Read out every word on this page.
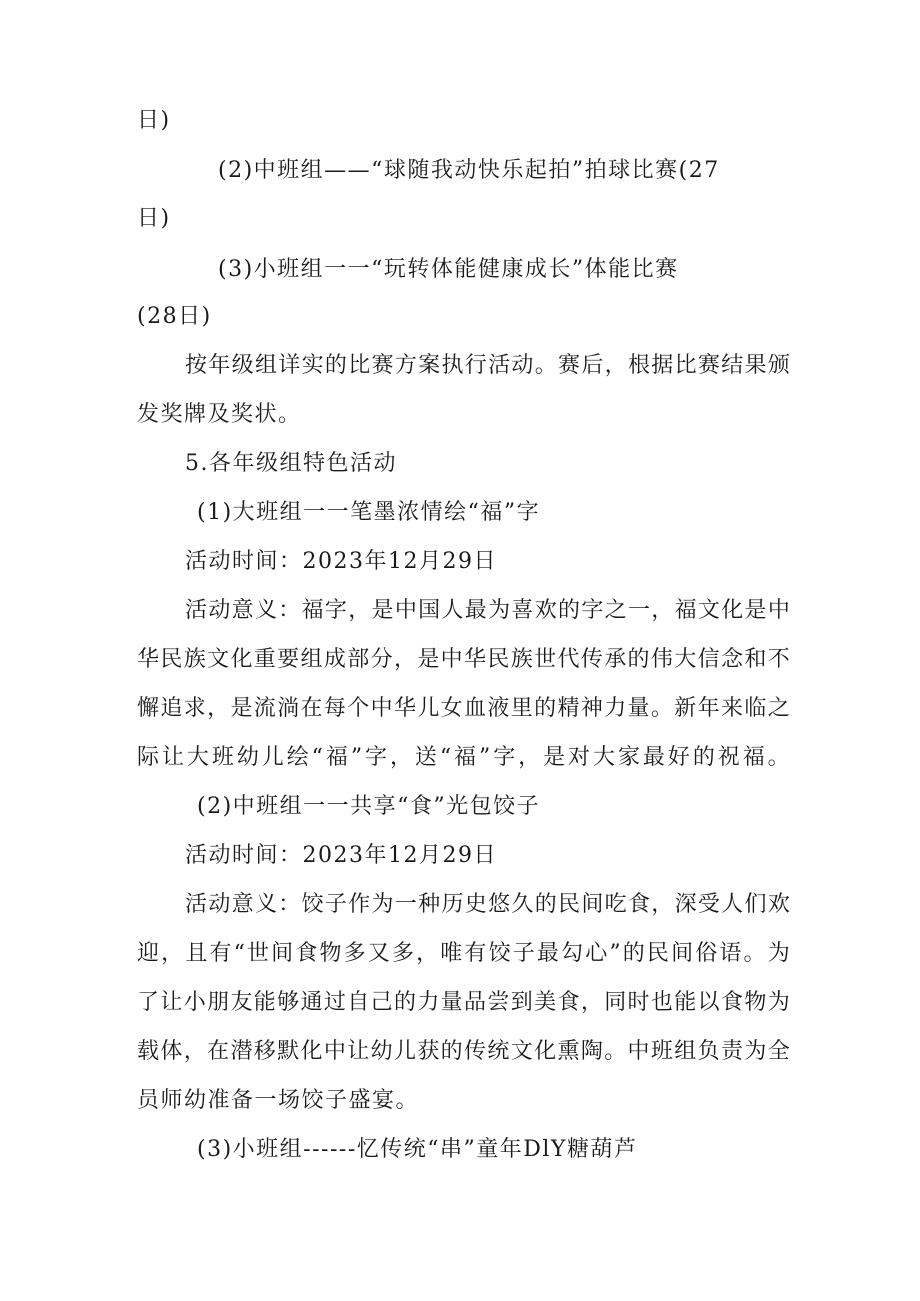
日)
(2)中班组——“球随我动快乐起拍”拍球比赛(27
日)
(3)小班组一一“玩转体能健康成长”体能比赛
(28日)
按 年 级 组 详 实 的 比 赛 方 案 执 行 活 动 。 赛 后 ， 根 据 比 赛 结 果 颁
发奖牌及奖状。
5.各年级组特色活动
(1)大班组一一笔墨浓情绘“福”字
活动时间：2023年12月29日
活 动 意 义 ： 福 字 ， 是 中 国 人 最 为 喜 欢 的 字 之 一 ， 福 文 化 是 中
华 民 族 文 化 重 要 组 成 部 分 ， 是 中 华 民 族 世 代 传 承 的 伟 大 信 念 和 不
懈 追 求 ， 是 流 淌 在 每 个 中 华 儿 女 血 液 里 的 精 神 力 量 。 新 年 来 临 之
际 让 大 班 幼 儿 绘 “ 福 ” 字 ， 送 “ 福 ” 字 ， 是 对 大 家 最 好 的 祝 福 。
(2)中班组一一共享“食”光包饺子
活动时间：2023年12月29日
活 动 意 义 ： 饺 子 作 为 一 种 历 史 悠 久 的 民 间 吃 食 ， 深 受 人 们 欢
迎 ， 且 有 “ 世 间 食 物 多 又 多 ， 唯 有 饺 子 最 勾 心 ” 的 民 间 俗 语 。 为
了 让 小 朋 友 能 够 通 过 自 己 的 力 量 品 尝 到 美 食 ， 同 时 也 能 以 食 物 为
载 体 ， 在 潜 移 默 化 中 让 幼 儿 获 的 传 统 文 化 熏 陶 。 中 班 组 负 责 为 全
员师幼准备一场饺子盛宴。
(3)小班组------忆传统“串”童年DlY糖葫芦
